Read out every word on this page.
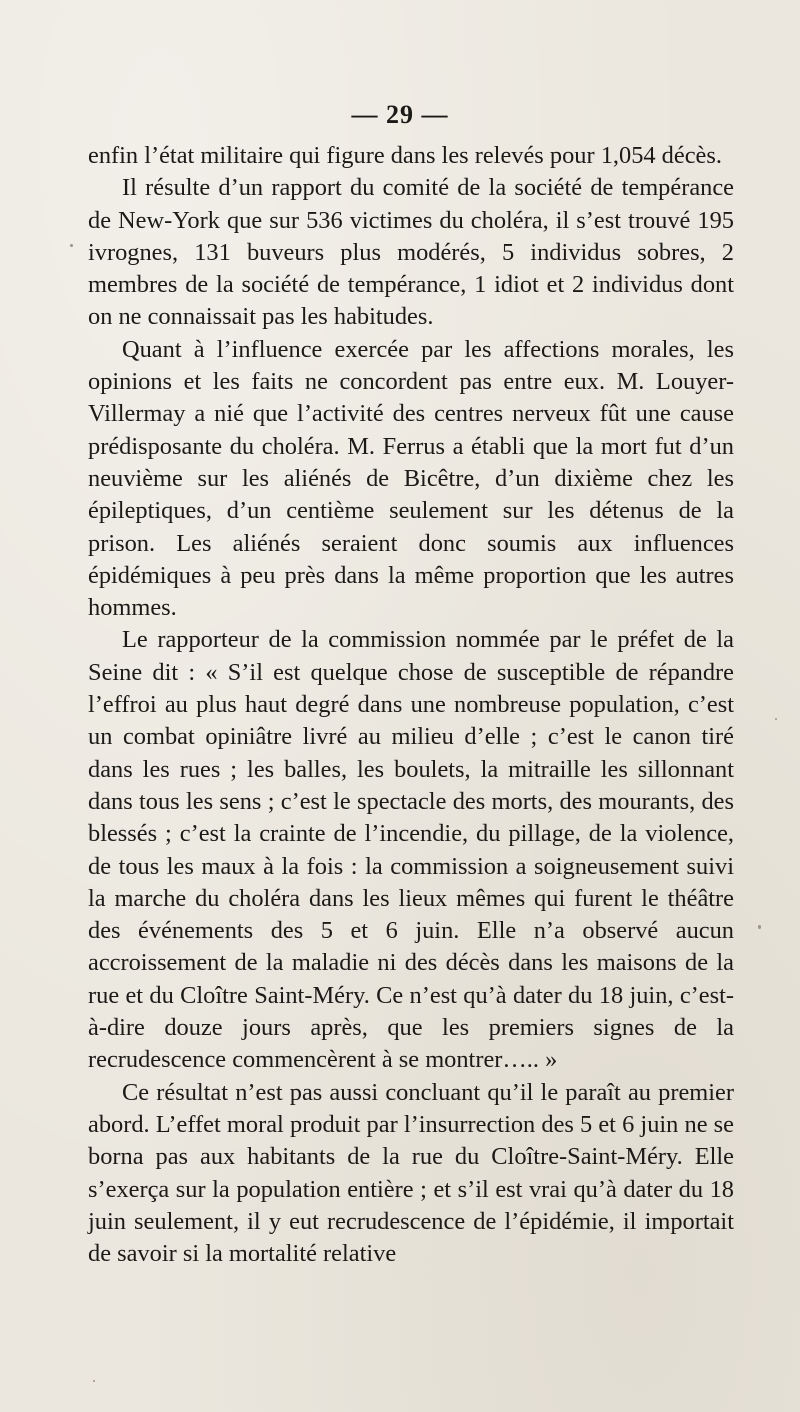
— 29 —

enfin l’état militaire qui figure dans les relevés pour 1,054 décès.

Il résulte d’un rapport du comité de la société de tempérance de New-York que sur 536 victimes du choléra, il s’est trouvé 195 ivrognes, 131 buveurs plus modérés, 5 individus sobres, 2 membres de la société de tempérance, 1 idiot et 2 individus dont on ne connaissait pas les habitudes.

Quant à l’influence exercée par les affections morales, les opinions et les faits ne concordent pas entre eux. M. Louyer-Villermay a nié que l’activité des centres nerveux fût une cause prédisposante du choléra. M. Ferrus a établi que la mort fut d’un neuvième sur les aliénés de Bicêtre, d’un dixième chez les épileptiques, d’un centième seulement sur les détenus de la prison. Les aliénés seraient donc soumis aux influences épidémiques à peu près dans la même proportion que les autres hommes.

Le rapporteur de la commission nommée par le préfet de la Seine dit : « S’il est quelque chose de susceptible de répandre l’effroi au plus haut degré dans une nombreuse population, c’est un combat opiniâtre livré au milieu d’elle ; c’est le canon tiré dans les rues ; les balles, les boulets, la mitraille les sillonnant dans tous les sens ; c’est le spectacle des morts, des mourants, des blessés ; c’est la crainte de l’incendie, du pillage, de la violence, de tous les maux à la fois : la commission a soigneusement suivi la marche du choléra dans les lieux mêmes qui furent le théâtre des événements des 5 et 6 juin. Elle n’a observé aucun accroissement de la maladie ni des décès dans les maisons de la rue et du Cloître Saint-Méry. Ce n’est qu’à dater du 18 juin, c’est-à-dire douze jours après, que les premiers signes de la recrudescence commencèrent à se montrer….. »

Ce résultat n’est pas aussi concluant qu’il le paraît au premier abord. L’effet moral produit par l’insurrection des 5 et 6 juin ne se borna pas aux habitants de la rue du Cloître-Saint-Méry. Elle s’exerça sur la population entière ; et s’il est vrai qu’à dater du 18 juin seulement, il y eut recrudescence de l’épidémie, il importait de savoir si la mortalité relative
